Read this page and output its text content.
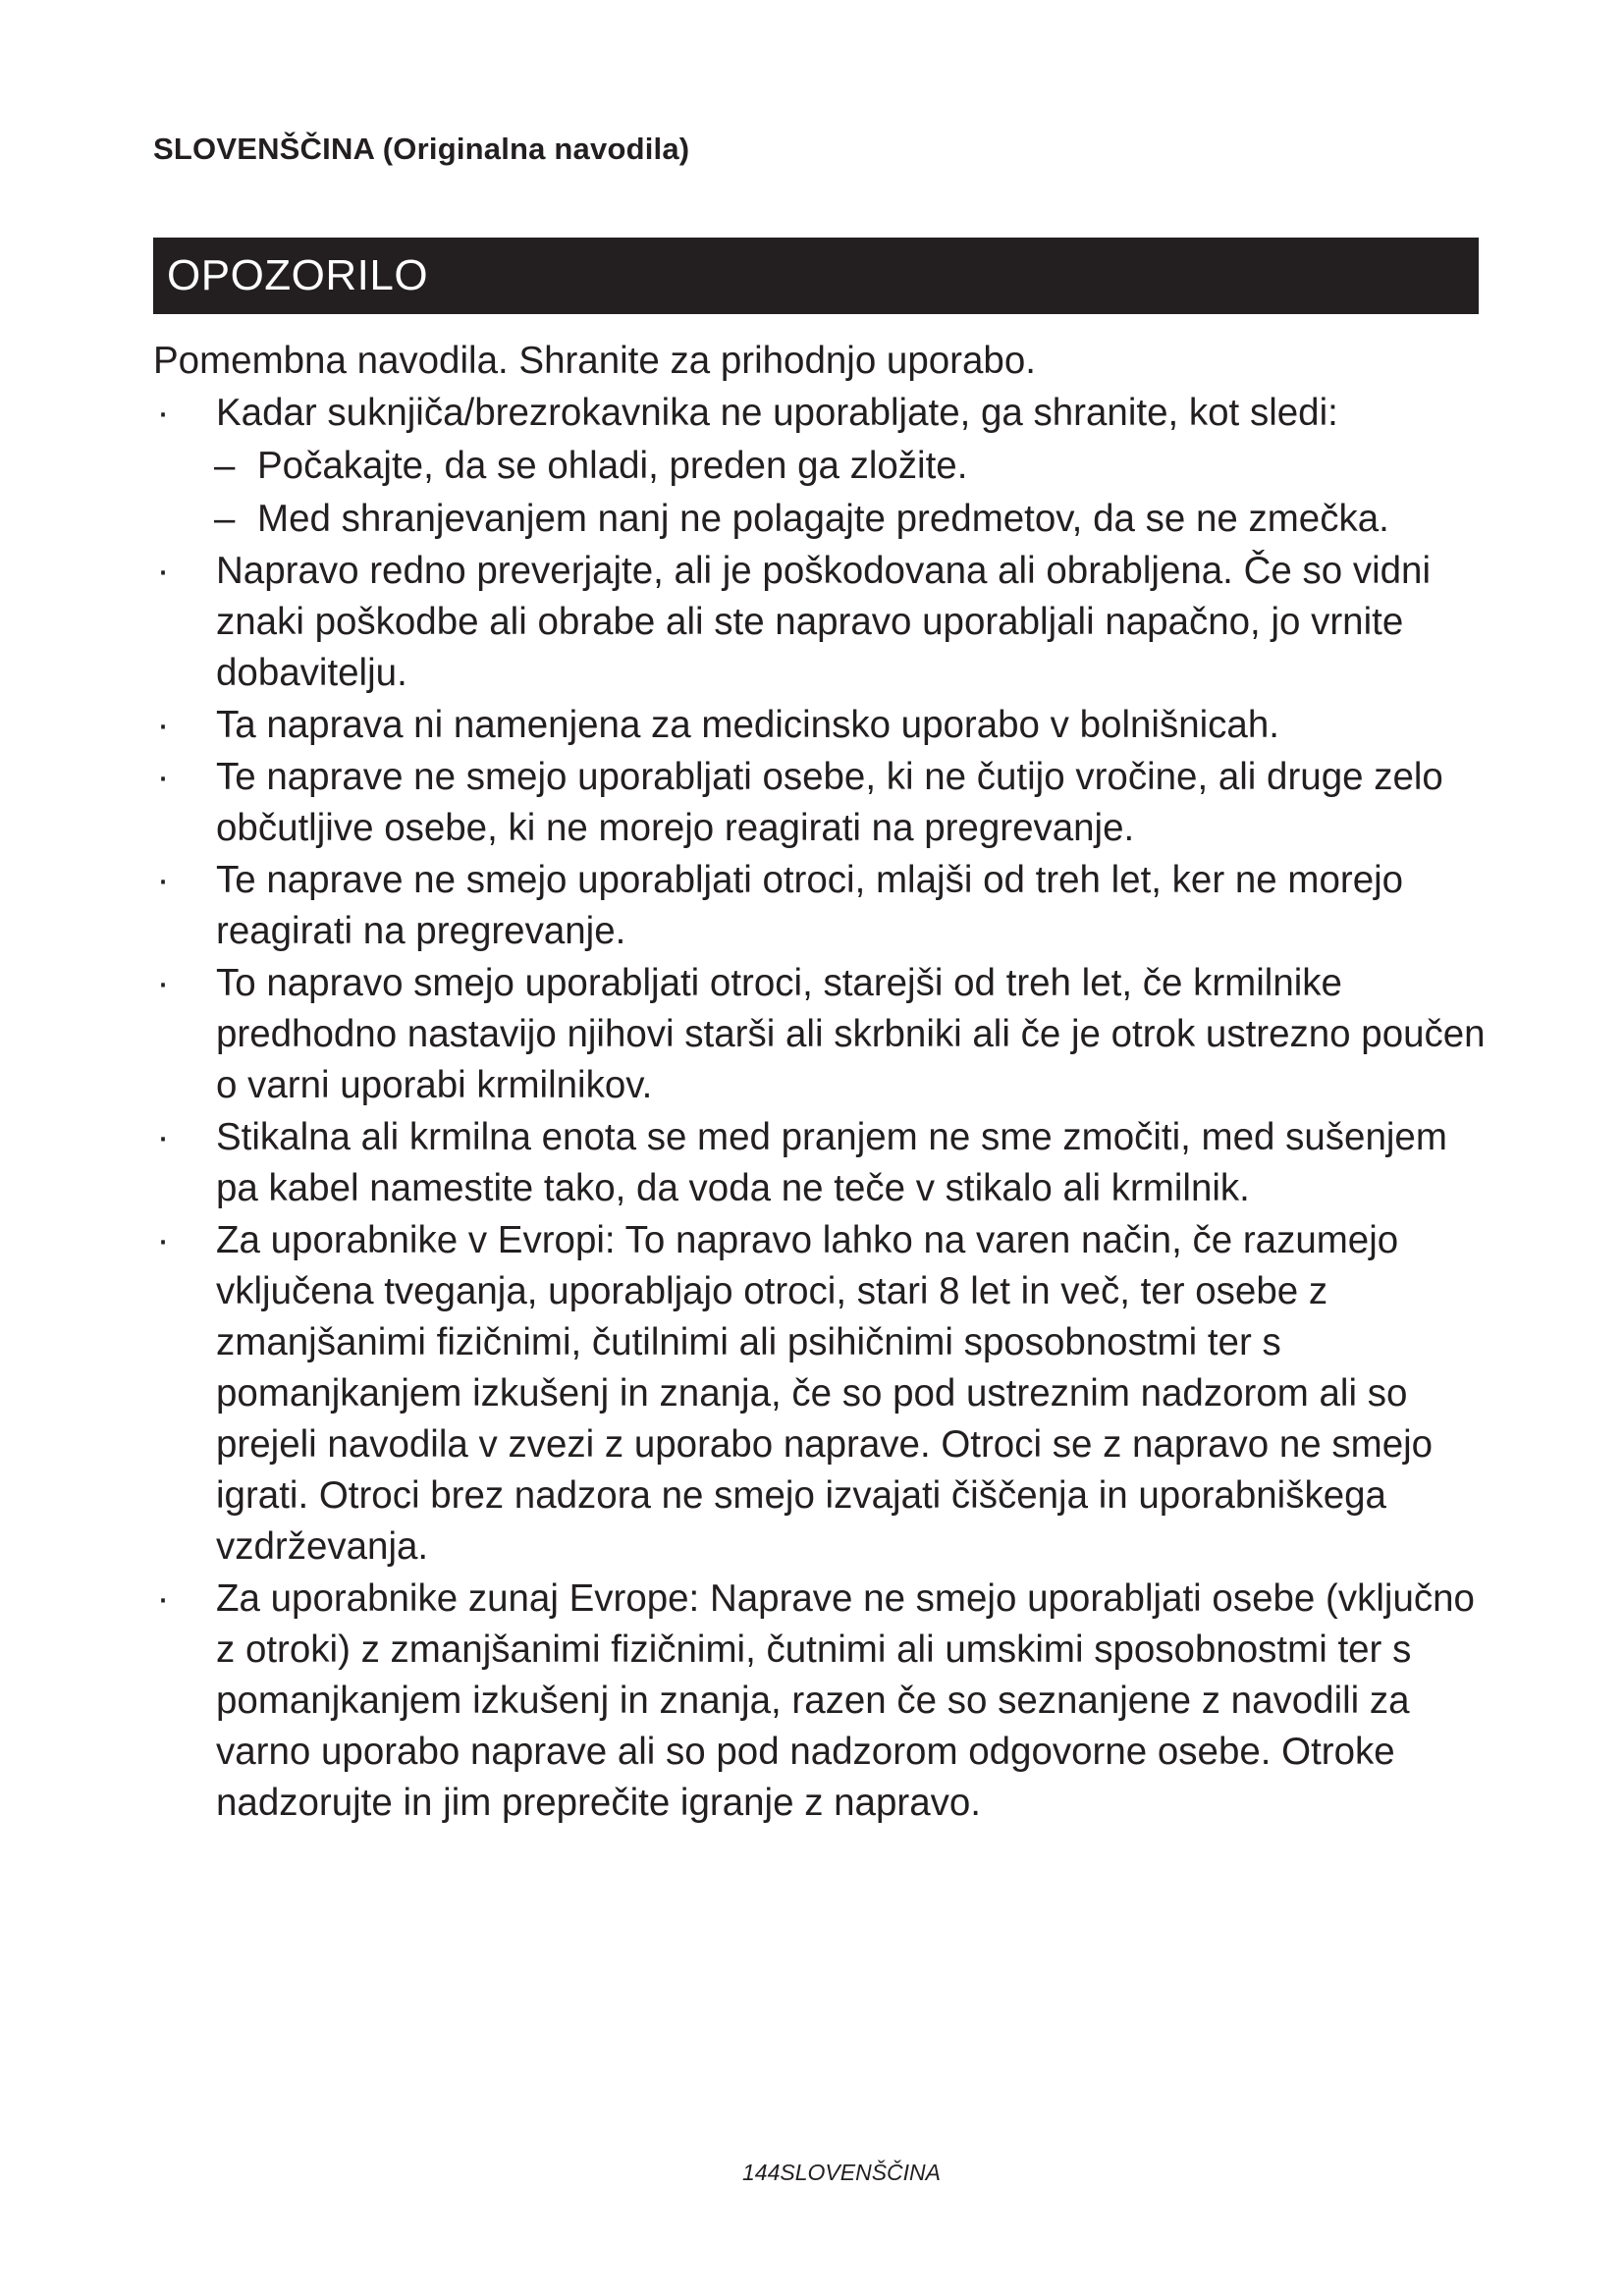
SLOVENŠČINA (Originalna navodila)
OPOZORILO
Pomembna navodila. Shranite za prihodnjo uporabo.
·	Kadar suknjiča/brezrokavnika ne uporabljate, ga shranite, kot sledi:
– Počakajte, da se ohladi, preden ga zložite.
– Med shranjevanjem nanj ne polagajte predmetov, da se ne zmečka.
· Napravo redno preverjajte, ali je poškodovana ali obrabljena. Če so vidni znaki poškodbe ali obrabe ali ste napravo uporabljali napačno, jo vrnite dobavitelju.
· Ta naprava ni namenjena za medicinsko uporabo v bolnišnicah.
· Te naprave ne smejo uporabljati osebe, ki ne čutijo vročine, ali druge zelo občutljive osebe, ki ne morejo reagirati na pregrevanje.
· Te naprave ne smejo uporabljati otroci, mlajši od treh let, ker ne morejo reagirati na pregrevanje.
· To napravo smejo uporabljati otroci, starejši od treh let, če krmilnike predhodno nastavijo njihovi starši ali skrbniki ali če je otrok ustrezno poučen o varni uporabi krmilnikov.
· Stikalna ali krmilna enota se med pranjem ne sme zmočiti, med sušenjem pa kabel namestite tako, da voda ne teče v stikalo ali krmilnik.
· Za uporabnike v Evropi: To napravo lahko na varen način, če razumejo vključena tveganja, uporabljajo otroci, stari 8 let in več, ter osebe z zmanjšanimi fizičnimi, čutilnimi ali psihičnimi sposobnostmi ter s pomanjkanjem izkušenj in znanja, če so pod ustreznim nadzorom ali so prejeli navodila v zvezi z uporabo naprave. Otroci se z napravo ne smejo igrati. Otroci brez nadzora ne smejo izvajati čiščenja in uporabniškega vzdrževanja.
· Za uporabnike zunaj Evrope: Naprave ne smejo uporabljati osebe (vključno z otroki) z zmanjšanimi fizičnimi, čutnimi ali umskimi sposobnostmi ter s pomanjkanjem izkušenj in znanja, razen če so seznanjene z navodili za varno uporabo naprave ali so pod nadzorom odgovorne osebe. Otroke nadzorujte in jim preprečite igranje z napravo.
144SLOVENŠČINA
